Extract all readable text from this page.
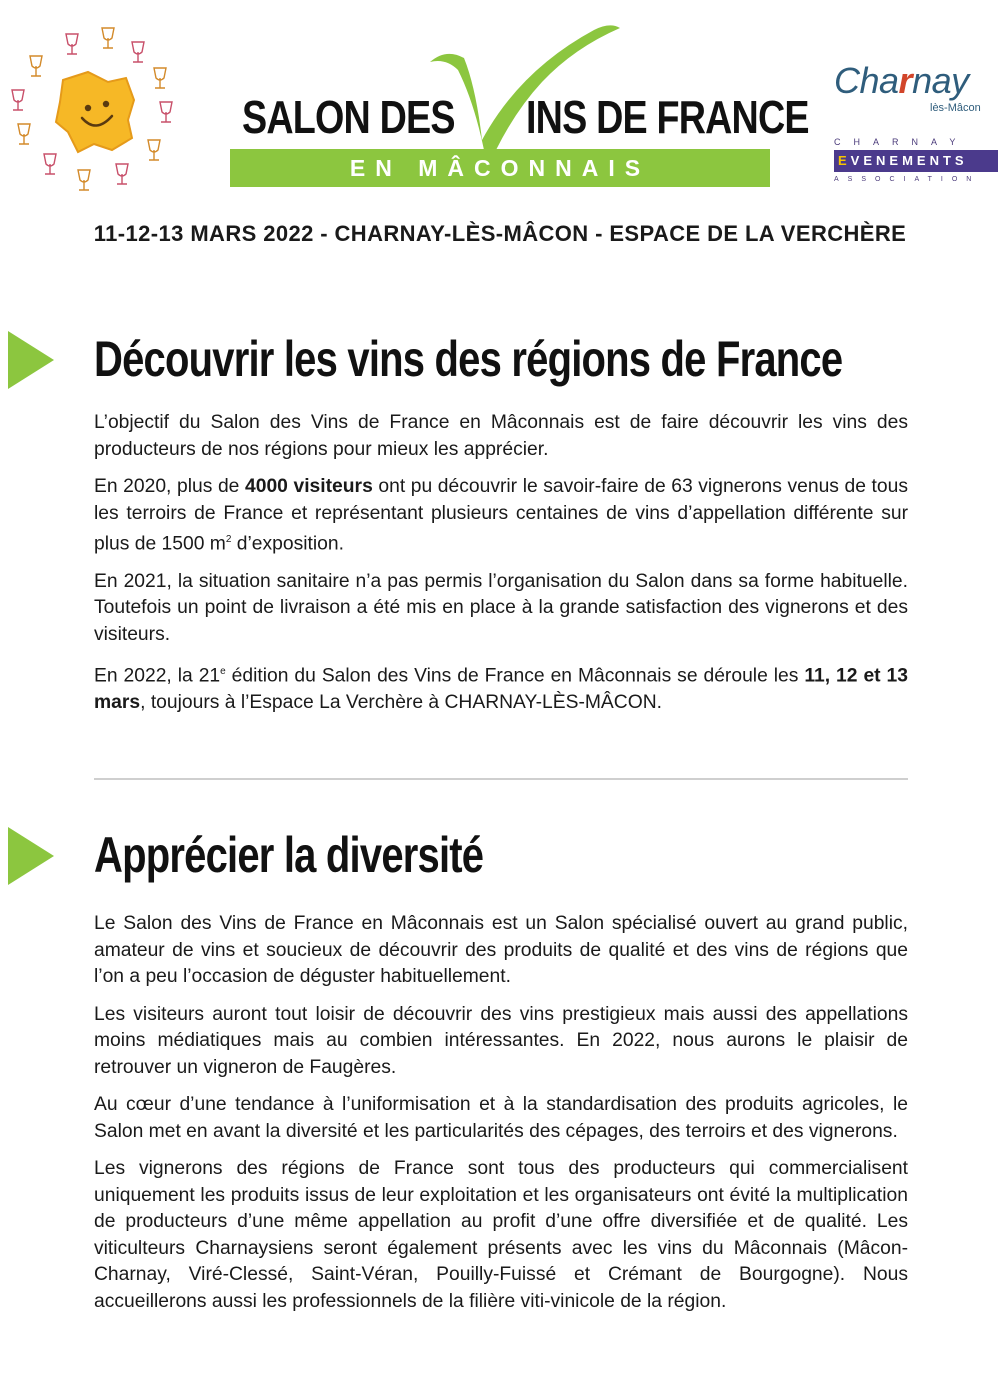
SALON DES INS DE FRANCE
EN MÂCONNAIS
Charnay
lès-Mâcon
CHARNAY
EVENEMENTS
ASSOCIATION
11-12-13 MARS 2022 - CHARNAY-LÈS-MÂCON - ESPACE DE LA VERCHÈRE
Découvrir les vins des régions de France

L’objectif du Salon des Vins de France en Mâconnais est de faire découvrir les vins des producteurs de nos régions pour mieux les apprécier.

En 2020, plus de 4000 visiteurs ont pu découvrir le savoir-faire de 63 vignerons venus de tous les terroirs de France et représentant plusieurs centaines de vins d’appellation différente sur plus de 1500 $m^2$ d’exposition.

En 2021, la situation sanitaire n’a pas permis l’organisation du Salon dans sa forme habituelle. Toutefois un point de livraison a été mis en place à la grande satisfaction des vignerons et des visiteurs.

En 2022, la 21e édition du Salon des Vins de France en Mâconnais se déroule les 11, 12 et 13 mars, toujours à l’Espace La Verchère à CHARNAY-LÈS-MÂCON.

Apprécier la diversité

Le Salon des Vins de France en Mâconnais est un Salon spécialisé ouvert au grand public, amateur de vins et soucieux de découvrir des produits de qualité et des vins de régions que l’on a peu l’occasion de déguster habituellement.

Les visiteurs auront tout loisir de découvrir des vins prestigieux mais aussi des appellations moins médiatiques mais au combien intéressantes. En 2022, nous aurons le plaisir de retrouver un vigneron de Faugères.

Au cœur d’une tendance à l’uniformisation et à la standardisation des produits agricoles, le Salon met en avant la diversité et les particularités des cépages, des terroirs et des vignerons.

Les vignerons des régions de France sont tous des producteurs qui commercialisent uniquement les produits issus de leur exploitation et les organisateurs ont évité la multiplication de producteurs d’une même appellation au profit d’une offre diversifiée et de qualité. Les viticulteurs Charnaysiens seront également présents avec les vins du Mâconnais (Mâcon-Charnay, Viré-Clessé, Saint-Véran, Pouilly-Fuissé et Crémant de Bourgogne). Nous accueillerons aussi les professionnels de la filière viti-vinicole de la région.
